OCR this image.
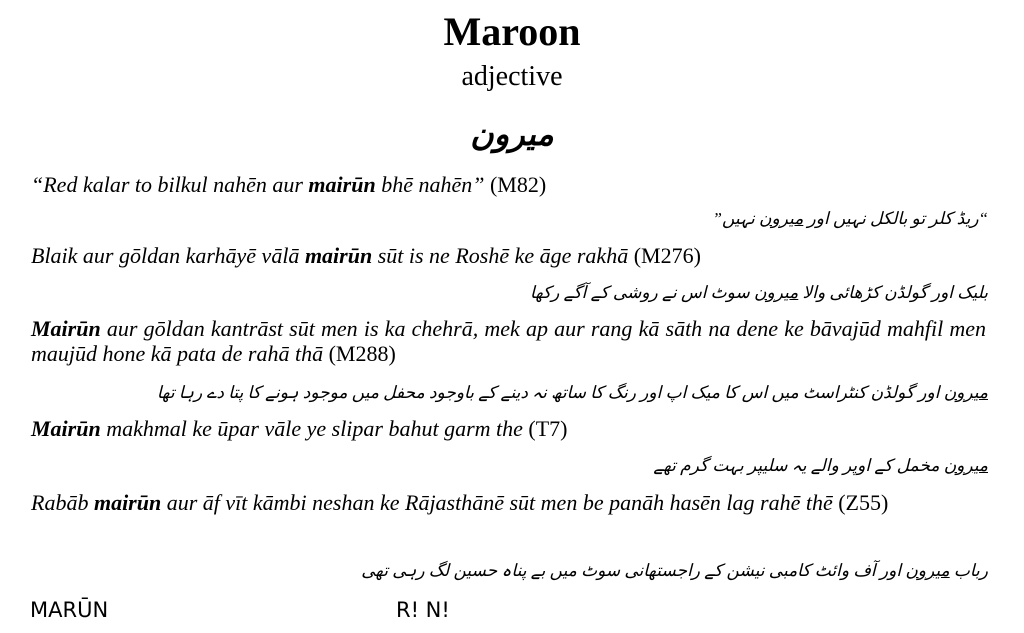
Maroon
adjective
میرون
“Red kalar to bilkul nahēn aur mairūn bhē nahēn” (M82)
“ریڈ کلر تو بالکل نہیں اور میرون نہیں”
Blaik aur gōldan karhāyē vālā mairūn sūt is ne Roshē ke āge rakhā (M276)
بلیک اور گولڈن کڑھائی والا میرون سوٹ اس نے روشی کے آگے رکھا
Mairūn aur gōldan kantrāst sūt men is ka chehrā, mek ap aur rang kā sāth na dene ke bāvajūd mahfil men maujūd hone kā pata de rahā thā (M288)
میرون اور گولڈن کنٹراسٹ میں اس کا میک اپ اور رنگ کا ساتھ نہ دینے کے باوجود محفل میں موجود ہونے کا پتا دے رہا تھا
Mairūn makhmal ke ūpar vāle ye slipar bahut garm the (T7)
میرون مخمل کے اوپر والے یہ سلیپر بہت گرم تھے
Rabāb mairūn aur āf vīt kāmbi neshan ke Rājasthānē sūt men be panāh hasēn lag rahē thē (Z55)
رباب میرون اور آف وائٹ کامبی نیشن کے راجستھانی سوٹ میں بے پناہ حسین لگ رہی تھی
MARŪN	R! N!
